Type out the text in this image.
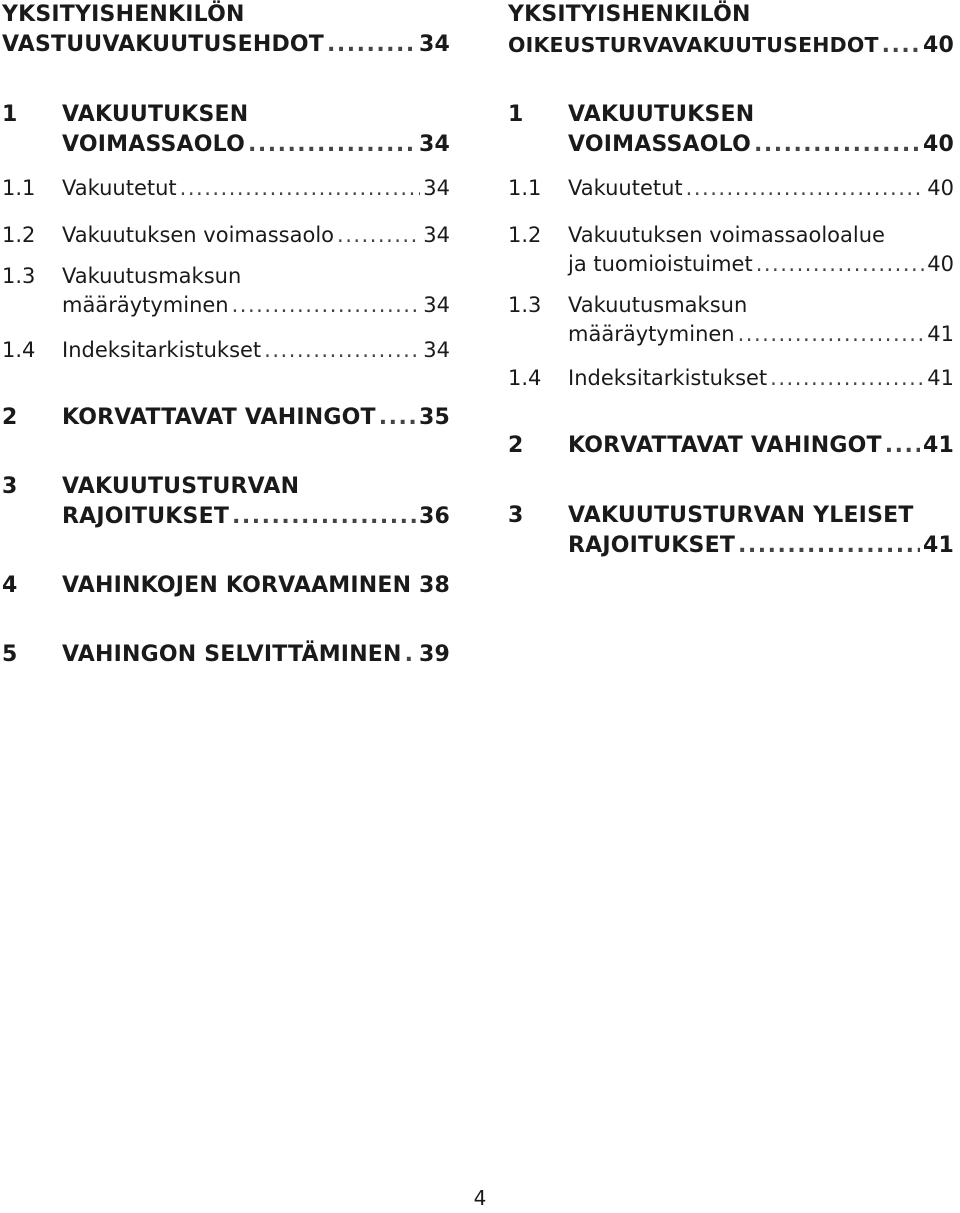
YKSITYISHENKILÖN
VASTUUVAKUUTUSEHDOT .....	34
1 VAKUUTUKSEN
VOIMASSAOLO .....	34
1.1 Vakuutetut .....	34
1.2 Vakuutuksen voimassaolo .....	34
1.3 Vakuutusmaksun
määräytyminen .....	34
1.4 Indeksitarkistukset .....	34
2 KORVATTAVAT VAHINGOT ..... 35
3 VAKUUTUSTURVAN
RAJOITUKSET .....	36
4 VAHINKOJEN KORVAAMINEN ..... 38
5 VAHINGON SELVITTÄMINEN ..... 39
YKSITYISHENKILÖN
OIKEUSTURVAVAKUUTUSEHDOT ..... 40
1 VAKUUTUKSEN
VOIMASSAOLO .....	40
1.1 Vakuutetut .....	40
1.2 Vakuutuksen voimassaoloalue
ja tuomioistuimet .....	40
1.3 Vakuutusmaksun
määräytyminen .....	41
1.4 Indeksitarkistukset .....	41
2 KORVATTAVAT VAHINGOT ..... 41
3 VAKUUTUSTURVAN YLEISET
RAJOITUKSET .....	41
4
